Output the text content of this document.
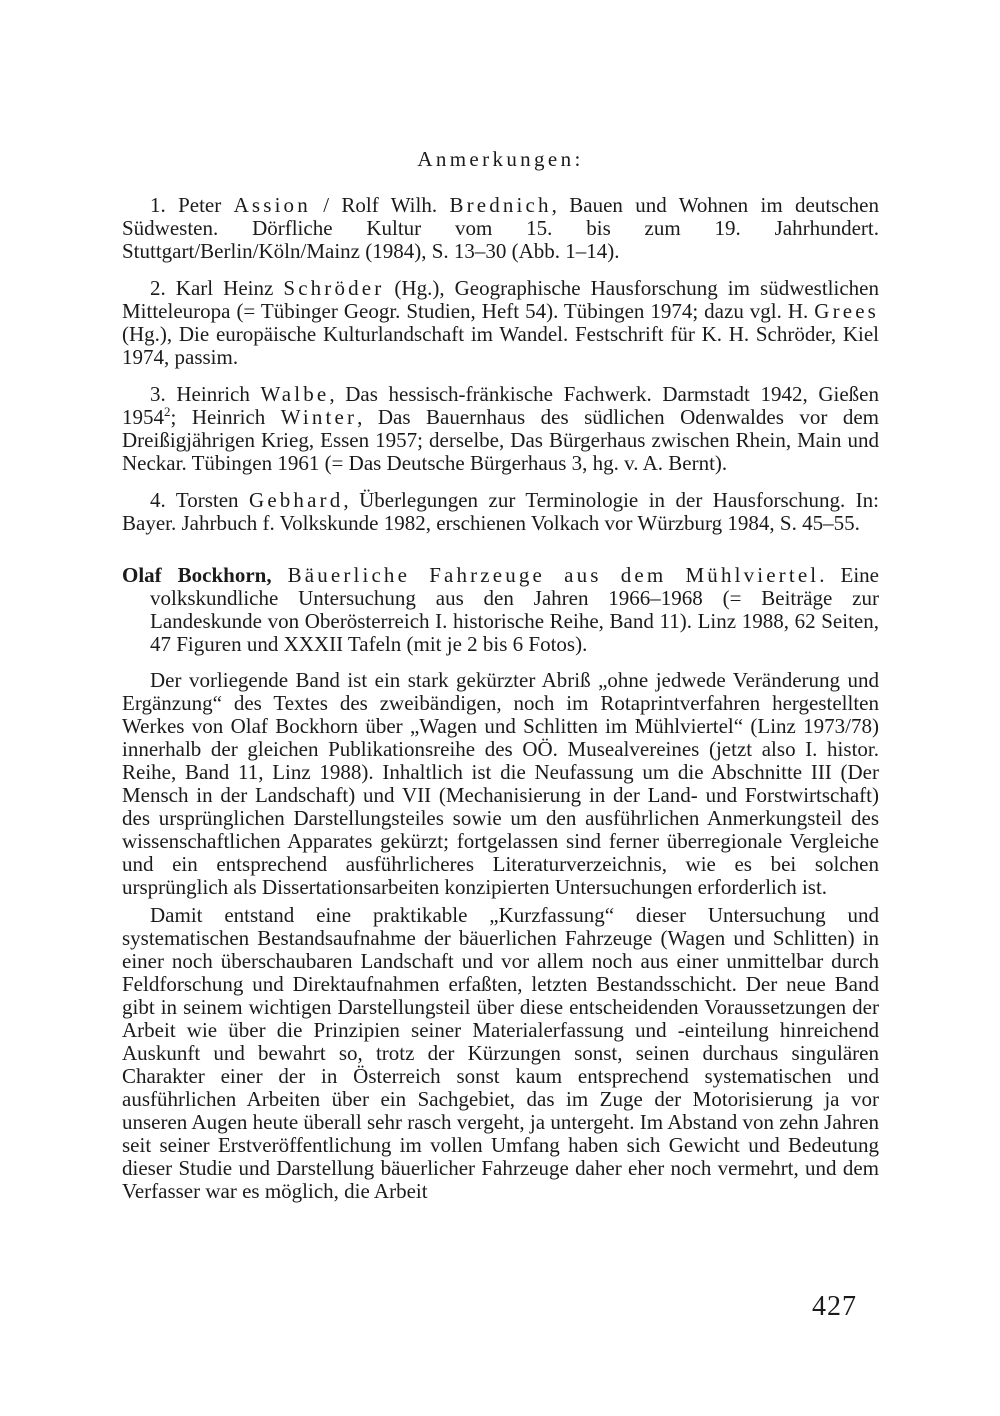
Anmerkungen:

1. Peter Assion / Rolf Wilh. Brednich, Bauen und Wohnen im deutschen Südwesten. Dörfliche Kultur vom 15. bis zum 19. Jahrhundert. Stuttgart/Berlin/Köln/Mainz (1984), S. 13–30 (Abb. 1–14).

2. Karl Heinz Schröder (Hg.), Geographische Hausforschung im südwestlichen Mitteleuropa (= Tübinger Geogr. Studien, Heft 54). Tübingen 1974; dazu vgl. H. Grees (Hg.), Die europäische Kulturlandschaft im Wandel. Festschrift für K. H. Schröder, Kiel 1974, passim.

3. Heinrich Walbe, Das hessisch-fränkische Fachwerk. Darmstadt 1942, Gießen 1954$^2$; Heinrich Winter, Das Bauernhaus des südlichen Odenwaldes vor dem Dreißigjährigen Krieg, Essen 1957; derselbe, Das Bürgerhaus zwischen Rhein, Main und Neckar. Tübingen 1961 (= Das Deutsche Bürgerhaus 3, hg. v. A. Bernt).

4. Torsten Gebhard, Überlegungen zur Terminologie in der Hausforschung. In: Bayer. Jahrbuch f. Volkskunde 1982, erschienen Volkach vor Würzburg 1984, S. 45–55.

Olaf Bockhorn, Bäuerliche Fahrzeuge aus dem Mühlviertel. Eine volkskundliche Untersuchung aus den Jahren 1966–1968 (= Beiträge zur Landeskunde von Oberösterreich I. historische Reihe, Band 11). Linz 1988, 62 Seiten, 47 Figuren und XXXII Tafeln (mit je 2 bis 6 Fotos).

Der vorliegende Band ist ein stark gekürzter Abriß „ohne jedwede Veränderung und Ergänzung“ des Textes des zweibändigen, noch im Rotaprintverfahren hergestellten Werkes von Olaf Bockhorn über „Wagen und Schlitten im Mühlviertel“ (Linz 1973/78) innerhalb der gleichen Publikationsreihe des OÖ. Musealvereines (jetzt also I. histor. Reihe, Band 11, Linz 1988). Inhaltlich ist die Neufassung um die Abschnitte III (Der Mensch in der Landschaft) und VII (Mechanisierung in der Land- und Forstwirtschaft) des ursprünglichen Darstellungsteiles sowie um den ausführlichen Anmerkungsteil des wissenschaftlichen Apparates gekürzt; fortgelassen sind ferner überregionale Vergleiche und ein entsprechend ausführlicheres Literaturverzeichnis, wie es bei solchen ursprünglich als Dissertationsarbeiten konzipierten Untersuchungen erforderlich ist.

Damit entstand eine praktikable „Kurzfassung“ dieser Untersuchung und systematischen Bestandsaufnahme der bäuerlichen Fahrzeuge (Wagen und Schlitten) in einer noch überschaubaren Landschaft und vor allem noch aus einer unmittelbar durch Feldforschung und Direktaufnahmen erfaßten, letzten Bestandsschicht. Der neue Band gibt in seinem wichtigen Darstellungsteil über diese entscheidenden Voraussetzungen der Arbeit wie über die Prinzipien seiner Materialerfassung und -einteilung hinreichend Auskunft und bewahrt so, trotz der Kürzungen sonst, seinen durchaus singulären Charakter einer der in Österreich sonst kaum entsprechend systematischen und ausführlichen Arbeiten über ein Sachgebiet, das im Zuge der Motorisierung ja vor unseren Augen heute überall sehr rasch vergeht, ja untergeht. Im Abstand von zehn Jahren seit seiner Erstveröffentlichung im vollen Umfang haben sich Gewicht und Bedeutung dieser Studie und Darstellung bäuerlicher Fahrzeuge daher eher noch vermehrt, und dem Verfasser war es möglich, die Arbeit

427
